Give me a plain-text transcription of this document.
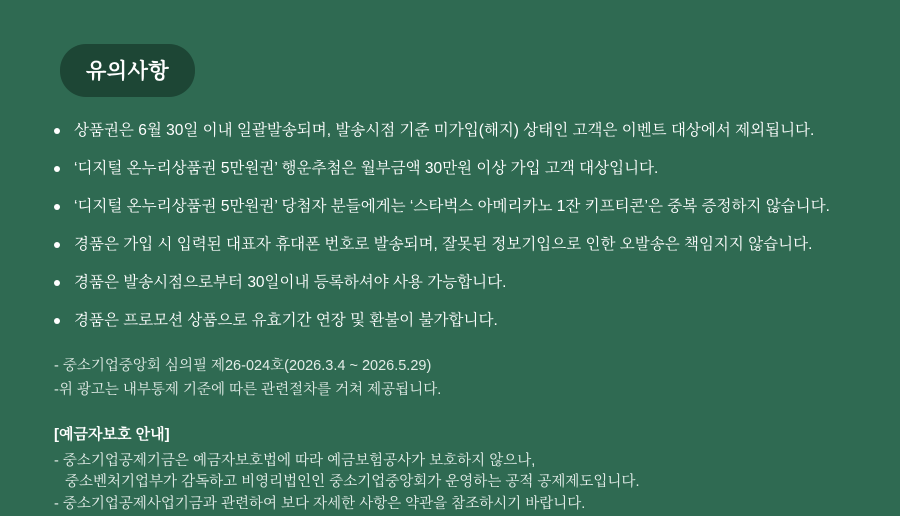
유의사항
상품권은 6월 30일 이내 일괄발송되며, 발송시점 기준 미가입(해지) 상태인 고객은 이벤트 대상에서 제외됩니다.
‘디지털 온누리상품권 5만원권’ 행운추첨은 월부금액 30만원 이상 가입 고객 대상입니다.
‘디지털 온누리상품권 5만원권’ 당첨자 분들에게는 ‘스타벅스 아메리카노 1잔 키프티콘’은 중복 증정하지 않습니다.
경품은 가입 시 입력된 대표자 휴대폰 번호로 발송되며, 잘못된 정보기입으로 인한 오발송은 책임지지 않습니다.
경품은 발송시점으로부터 30일이내 등록하셔야 사용 가능합니다.
경품은 프로모션 상품으로 유효기간 연장 및 환불이 불가합니다.
- 중소기업중앙회 심의필 제26-024호(2026.3.4 ~ 2026.5.29)
-위 광고는 내부통제 기준에 따른 관련절차를 거쳐 제공됩니다.
[예금자보호 안내]
- 중소기업공제기금은 예금자보호법에 따라 예금보험공사가 보호하지 않으나,
중소벤처기업부가 감독하고 비영리법인인 중소기업중앙회가 운영하는 공적 공제제도입니다.
- 중소기업공제사업기금과 관련하여 보다 자세한 사항은 약관을 참조하시기 바랍니다.
